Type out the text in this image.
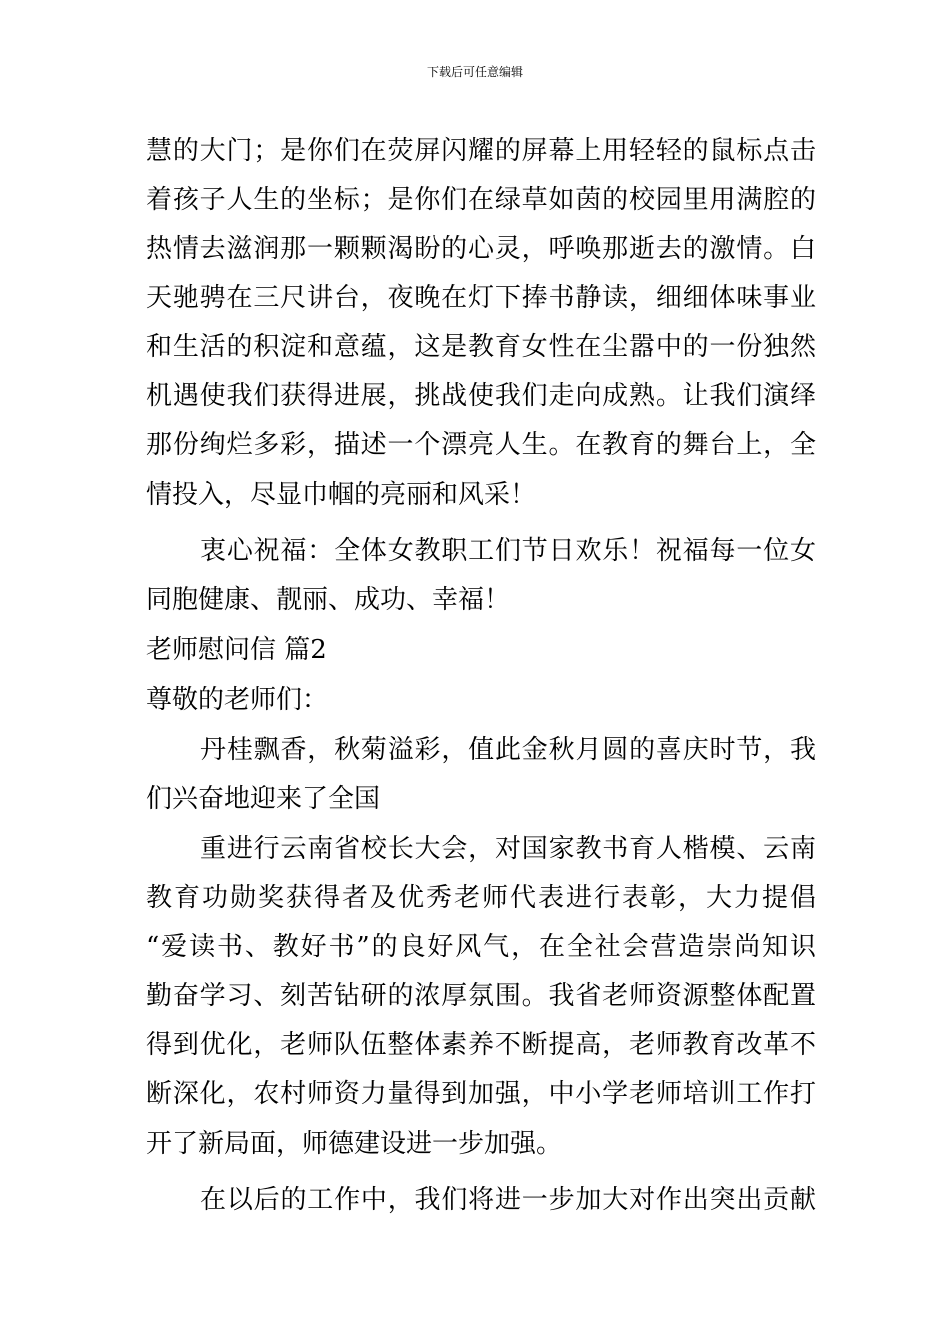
下载后可任意编辑
慧的大门；是你们在荧屏闪耀的屏幕上用轻轻的鼠标点击
着孩子人生的坐标；是你们在绿草如茵的校园里用满腔的
热情去滋润那一颗颗渴盼的心灵，呼唤那逝去的激情。白
天驰骋在三尺讲台，夜晚在灯下捧书静读，细细体味事业
和生活的积淀和意蕴，这是教育女性在尘嚣中的一份独然
机遇使我们获得进展，挑战使我们走向成熟。让我们演绎
那份绚烂多彩，描述一个漂亮人生。在教育的舞台上，全
情投入，尽显巾帼的亮丽和风采！
衷心祝福：全体女教职工们节日欢乐！祝福每一位女
同胞健康、靓丽、成功、幸福！
老师慰问信 篇2
尊敬的老师们：
丹桂飘香，秋菊溢彩，值此金秋月圆的喜庆时节，我
们兴奋地迎来了全国
重进行云南省校长大会，对国家教书育人楷模、云南
教育功勋奖获得者及优秀老师代表进行表彰，大力提倡
“爱读书、教好书”的良好风气，在全社会营造崇尚知识
勤奋学习、刻苦钻研的浓厚氛围。我省老师资源整体配置
得到优化，老师队伍整体素养不断提高，老师教育改革不
断深化，农村师资力量得到加强，中小学老师培训工作打
开了新局面，师德建设进一步加强。
在以后的工作中，我们将进一步加大对作出突出贡献
